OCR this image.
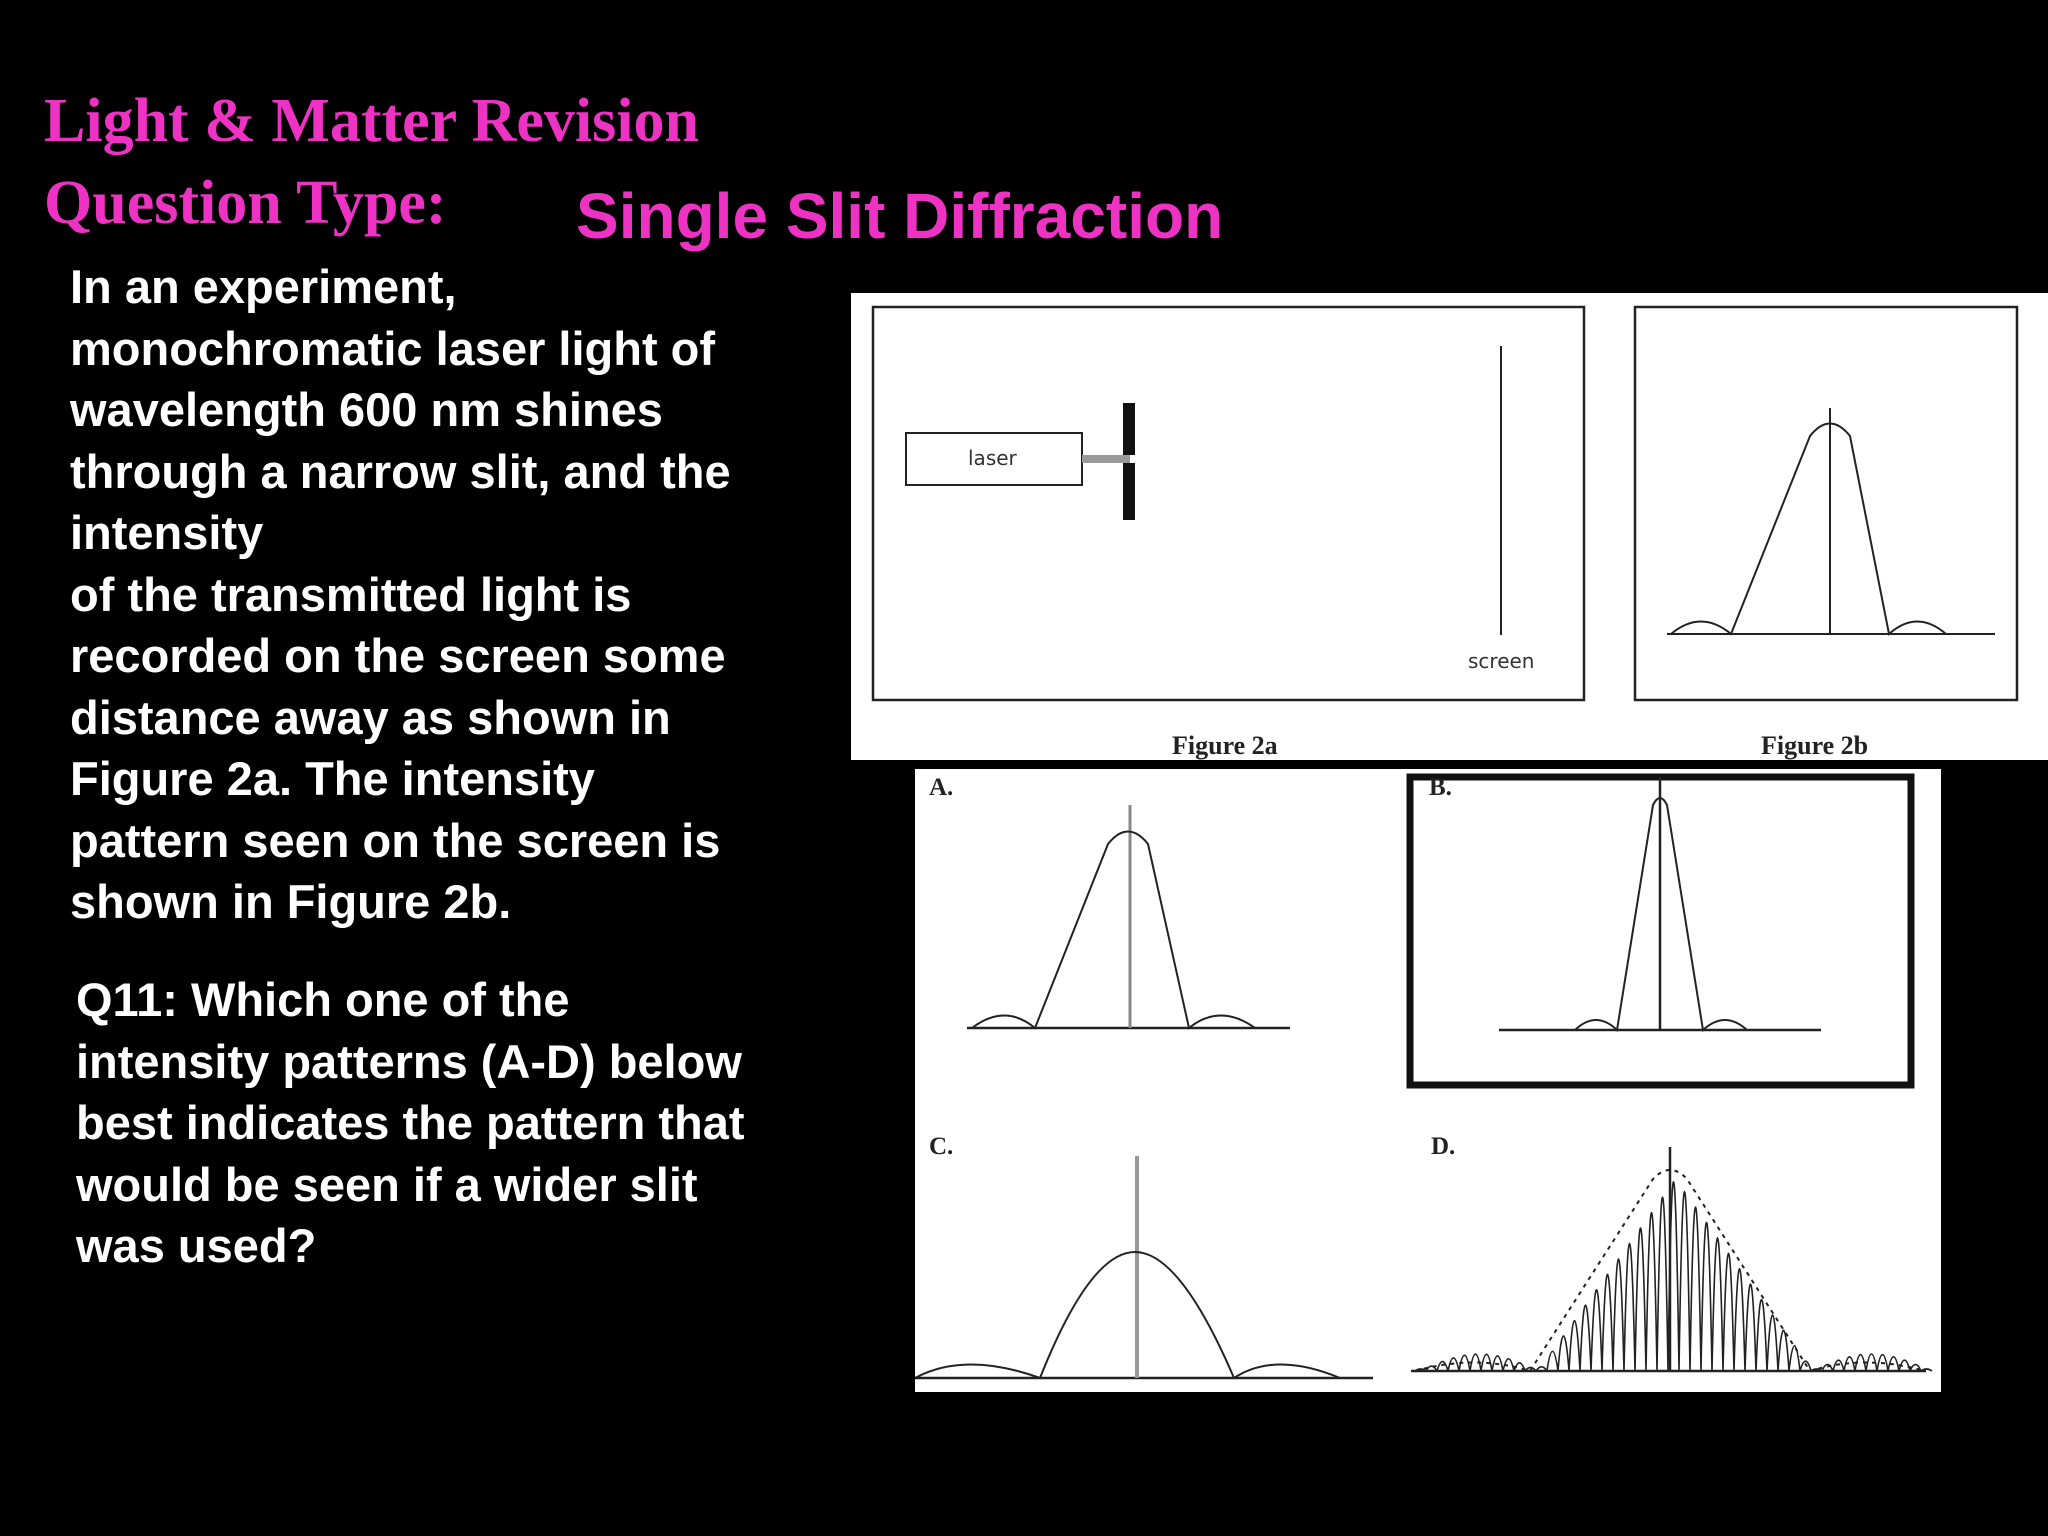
Light & Matter Revision
Question Type: Single Slit Diffraction
In an experiment,
monochromatic laser light of
wavelength 600 nm shines
through a narrow slit, and the
intensity
of the transmitted light is
recorded on the screen some
distance away as shown in
Figure 2a. The intensity
pattern seen on the screen is
shown in Figure 2b.
Q11: Which one of the
intensity patterns (A-D) below
best indicates the pattern that
would be seen if a wider slit
was used?
laser
screen
Figure 2a	Figure 2b
A.	B.
C.	D.
